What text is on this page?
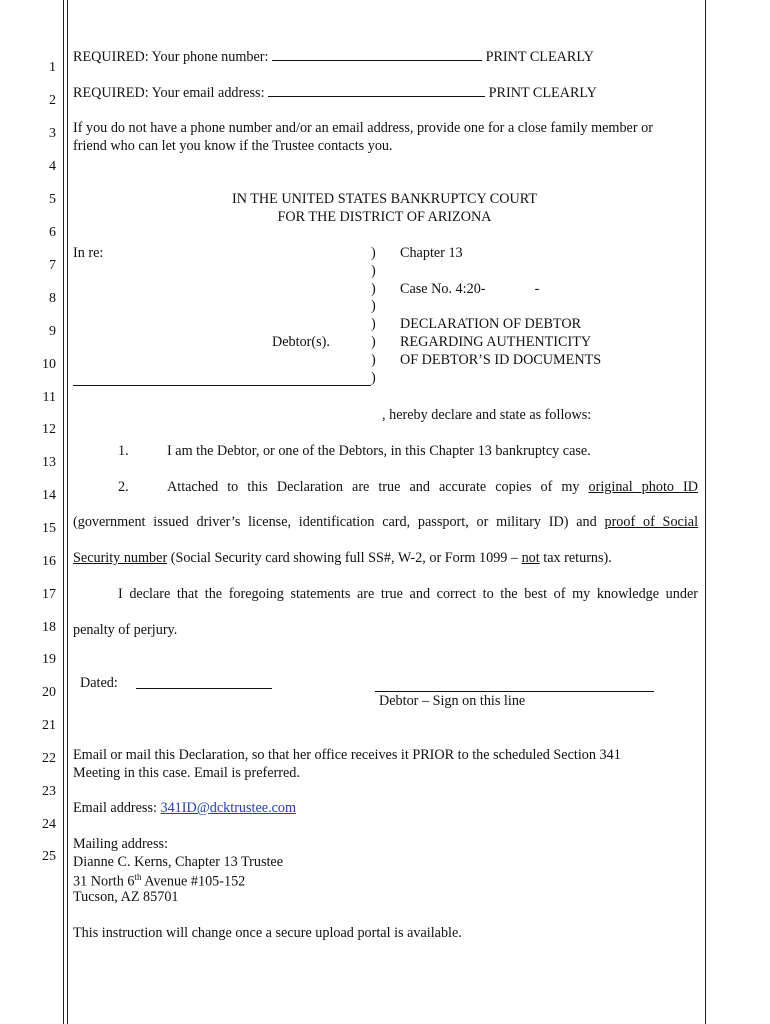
1
2
3
4
5
6
7
8
9
10
11
12
13
14
15
16
17
18
19
20
21
22
23
24
25
REQUIRED: Your phone number:	PRINT CLEARLY
REQUIRED: Your email address:	PRINT CLEARLY
If you do not have a phone number and/or an email address, provide one for a close family member or
friend who can let you know if the Trustee contacts you.
IN THE UNITED STATES BANKRUPTCY COURT
FOR THE DISTRICT OF ARIZONA
In re:
Debtor(s).
)
)
)
)
)
)
)
)
Chapter 13
Case No. 4:20-	-
DECLARATION OF DEBTOR
REGARDING AUTHENTICITY
OF DEBTOR’S ID DOCUMENTS
, hereby declare and state as follows:
1.	I am the Debtor, or one of the Debtors, in this Chapter 13 bankruptcy case.
2.	Attached to this Declaration are true and accurate copies of my original photo ID
(government issued driver’s license, identification card, passport, or military ID) and proof of Social
Security number (Social Security card showing full SS#, W-2, or Form 1099 – not tax returns).
I declare that the foregoing statements are true and correct to the best of my knowledge under
penalty of perjury.
Dated:
Debtor – Sign on this line
Email or mail this Declaration, so that her office receives it PRIOR to the scheduled Section 341
Meeting in this case. Email is preferred.
Email address: 341ID@dcktrustee.com
Mailing address:
Dianne C. Kerns, Chapter 13 Trustee
31 North 6th Avenue #105-152
Tucson, AZ 85701
This instruction will change once a secure upload portal is available.
